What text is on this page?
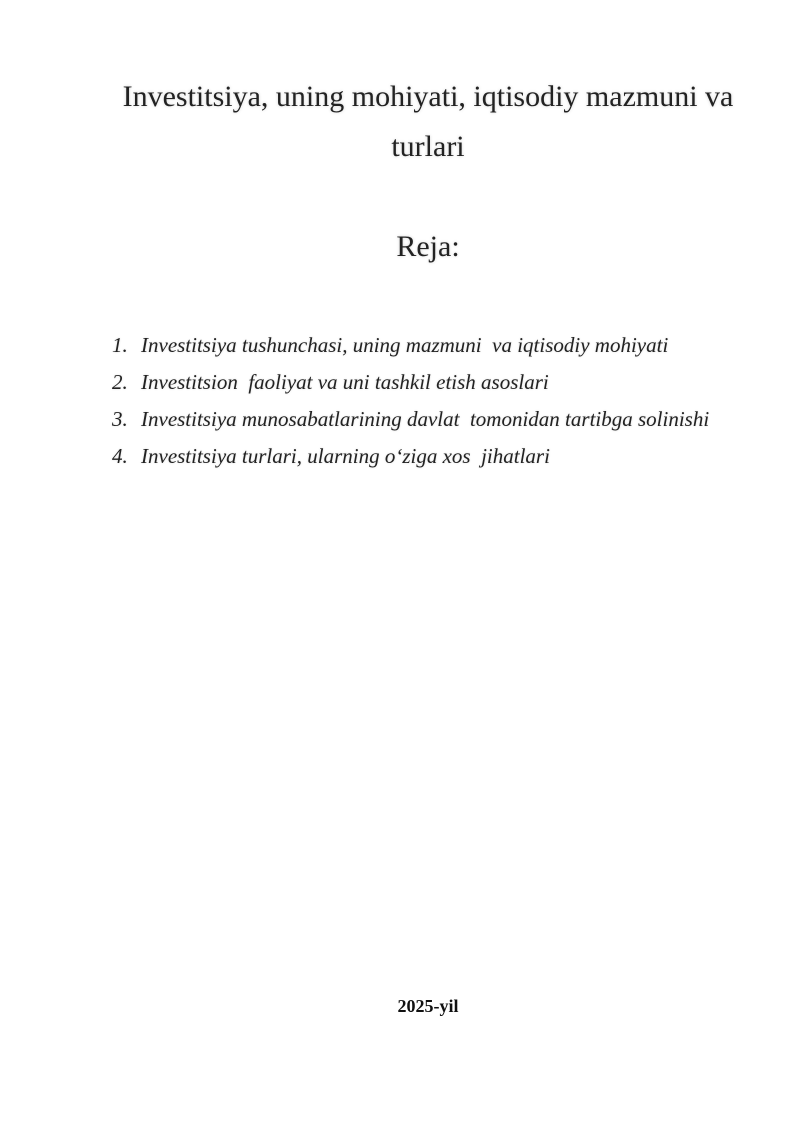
Investitsiya, uning mohiyati, iqtisodiy mazmuni va turlari
Reja:
1. Investitsiya tushunchasi, uning mazmuni  va iqtisodiy mohiyati
2. Investitsion  faoliyat va uni tashkil etish asoslari
3. Investitsiya munosabatlarining davlat  tomonidan tartibga solinishi
4. Investitsiya turlari, ularning o‘ziga xos  jihatlari

2025-yil
